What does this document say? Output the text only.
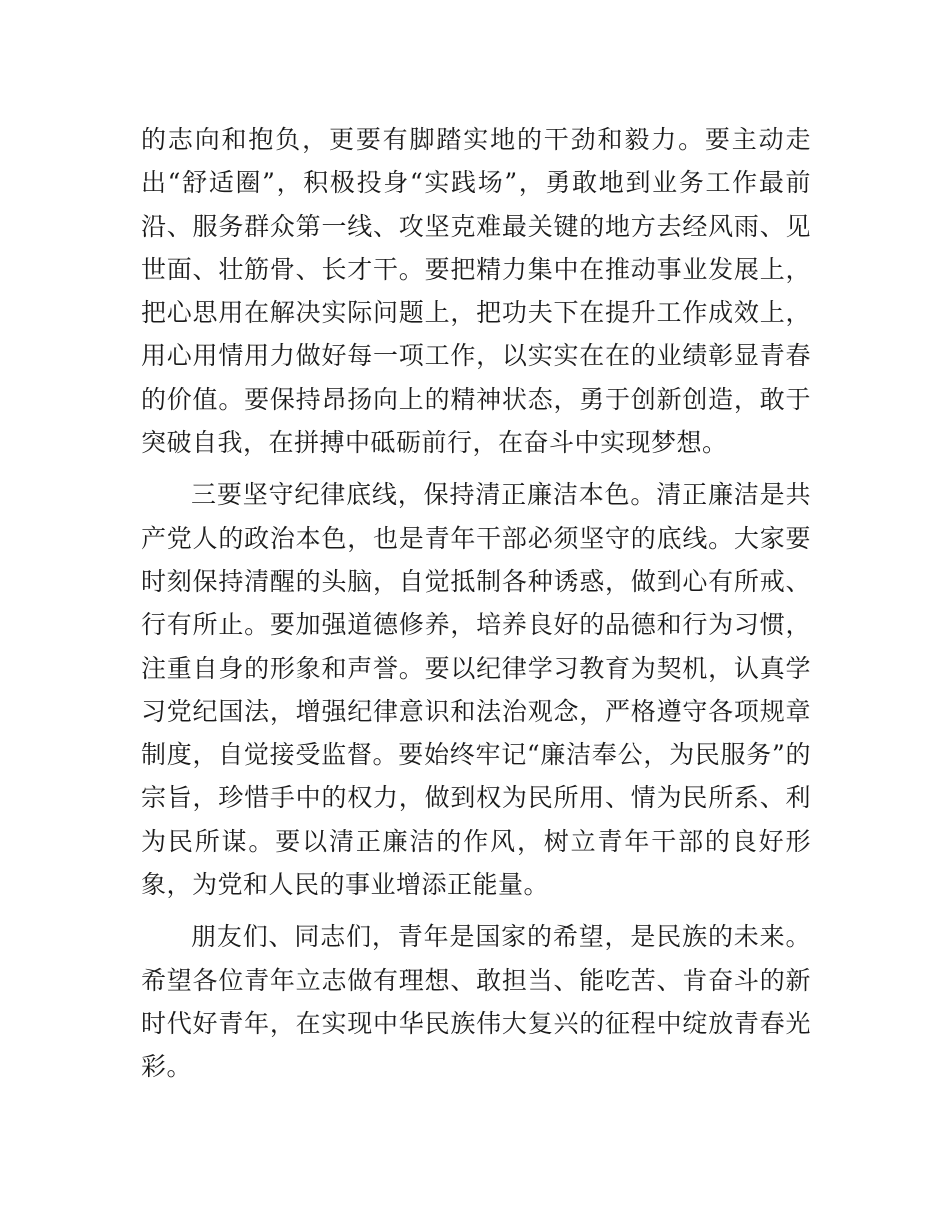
的志向和抱负，更要有脚踏实地的干劲和毅力。要主动走出“舒适圈”，积极投身“实践场”，勇敢地到业务工作最前沿、服务群众第一线、攻坚克难最关键的地方去经风雨、见世面、壮筋骨、长才干。要把精力集中在推动事业发展上，把心思用在解决实际问题上，把功夫下在提升工作成效上，用心用情用力做好每一项工作，以实实在在的业绩彰显青春的价值。要保持昂扬向上的精神状态，勇于创新创造，敢于突破自我，在拼搏中砥砺前行，在奋斗中实现梦想。

三要坚守纪律底线，保持清正廉洁本色。清正廉洁是共产党人的政治本色，也是青年干部必须坚守的底线。大家要时刻保持清醒的头脑，自觉抵制各种诱惑，做到心有所戒、行有所止。要加强道德修养，培养良好的品德和行为习惯，注重自身的形象和声誉。要以纪律学习教育为契机，认真学习党纪国法，增强纪律意识和法治观念，严格遵守各项规章制度，自觉接受监督。要始终牢记“廉洁奉公，为民服务”的宗旨，珍惜手中的权力，做到权为民所用、情为民所系、利为民所谋。要以清正廉洁的作风，树立青年干部的良好形象，为党和人民的事业增添正能量。

朋友们、同志们，青年是国家的希望，是民族的未来。希望各位青年立志做有理想、敢担当、能吃苦、肯奋斗的新时代好青年，在实现中华民族伟大复兴的征程中绽放青春光彩。
